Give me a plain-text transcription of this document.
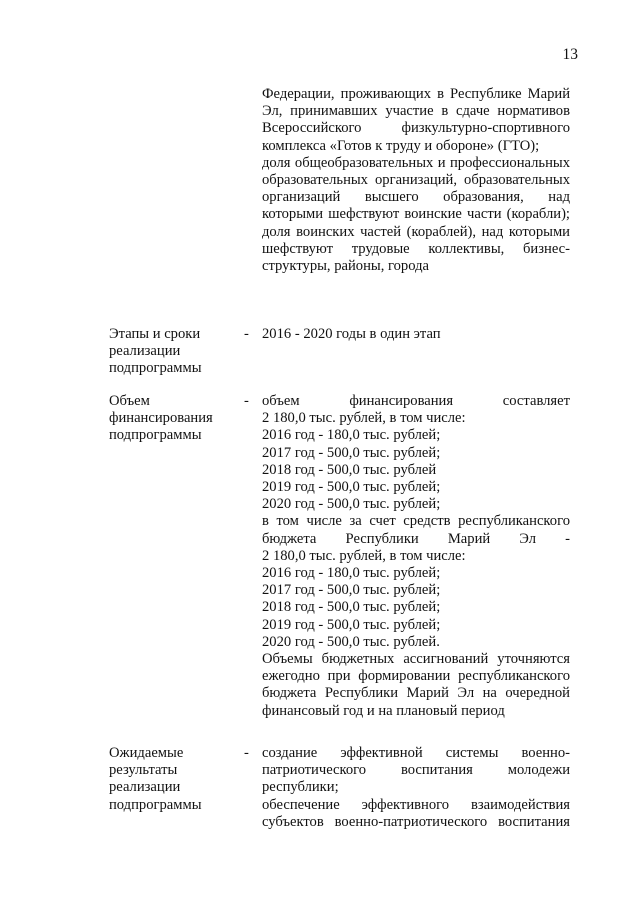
13

Федерации, проживающих в Республике Марий Эл, принимавших участие в сдаче нормативов Всероссийского физкультурно-спортивного комплекса «Готов к труду и обороне» (ГТО);

доля общеобразовательных и профессиональных образовательных организаций, образовательных организаций высшего образования, над которыми шефствуют воинские части (корабли);

доля воинских частей (кораблей), над которыми шефствуют трудовые коллективы, бизнес-структуры, районы, города

Этапы и сроки реализации подпрограммы
- 2016 - 2020 годы в один этап

Объем финансирования подпрограммы
- объем финансирования составляет
2 180,0 тыс. рублей, в том числе:
2016 год - 180,0 тыс. рублей;
2017 год - 500,0 тыс. рублей;
2018 год - 500,0 тыс. рублей
2019 год - 500,0 тыс. рублей;
2020 год - 500,0 тыс. рублей;

в том числе за счет средств республиканского бюджета Республики Марий Эл -

2 180,0 тыс. рублей, в том числе:
2016 год - 180,0 тыс. рублей;
2017 год - 500,0 тыс. рублей;
2018 год - 500,0 тыс. рублей;
2019 год - 500,0 тыс. рублей;
2020 год - 500,0 тыс. рублей.

Объемы бюджетных ассигнований уточняются ежегодно при формировании республиканского бюджета Республики Марий Эл на очередной финансовый год и на плановый период

Ожидаемые результаты реализации подпрограммы
- создание эффективной системы военно-патриотического воспитания молодежи республики;

обеспечение эффективного взаимодействия субъектов военно-патриотического воспитания
